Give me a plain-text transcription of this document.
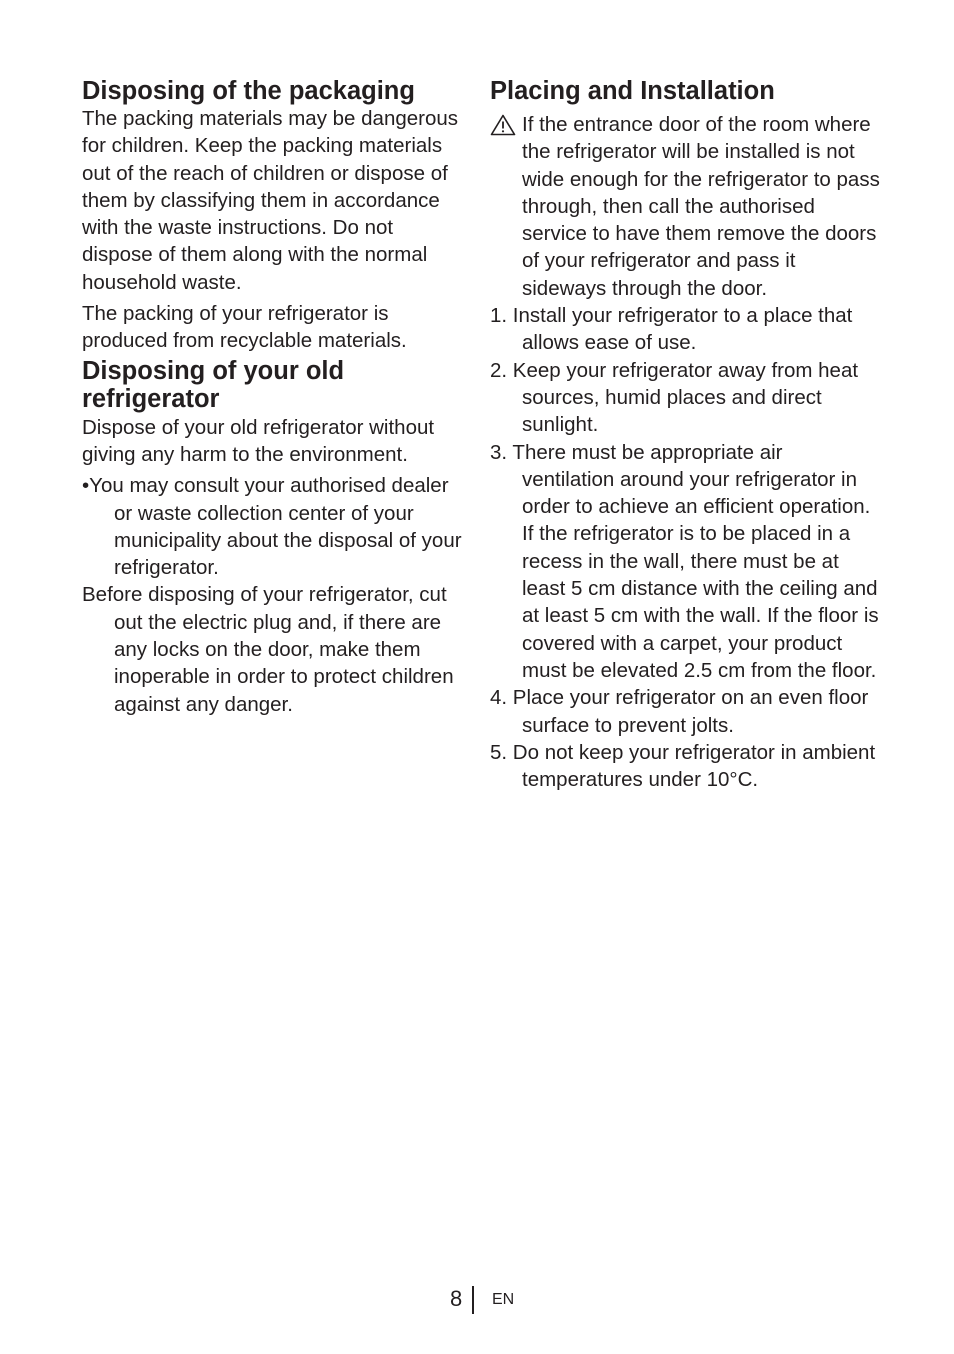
Disposing of the packaging

The packing materials may be dangerous for children. Keep the packing materials out of the reach of children or dispose of them by classifying them in accordance with the waste instructions. Do not dispose of them along with the normal household waste.

The packing of your refrigerator is produced from recyclable materials.

Disposing of your old refrigerator

Dispose of your old refrigerator without giving any harm to the environment.

•You may consult your authorised dealer or waste collection center of your municipality about the disposal of your refrigerator.
Before disposing of your refrigerator, cut out the electric plug and, if there are any locks on the door, make them inoperable in order to protect children against any danger.
Placing and Installation
If the entrance door of the room where the refrigerator will be installed is not wide enough for the refrigerator to pass through, then call the authorised service to have them remove the doors of your refrigerator and pass it sideways through the door.
1. Install your refrigerator to a place that allows ease of use.
2. Keep your refrigerator away from heat sources, humid places and direct sunlight.
3. There must be appropriate air ventilation around your refrigerator in order to achieve an efficient operation. If the refrigerator is to be placed in a recess in the wall, there must be at least 5 cm distance with the ceiling and at least 5 cm with the wall. If the floor is covered with a carpet, your product must be elevated 2.5 cm from the floor.
4. Place your refrigerator on an even floor surface to prevent jolts.
5. Do not keep your refrigerator in ambient temperatures under 10°C.
8 EN
